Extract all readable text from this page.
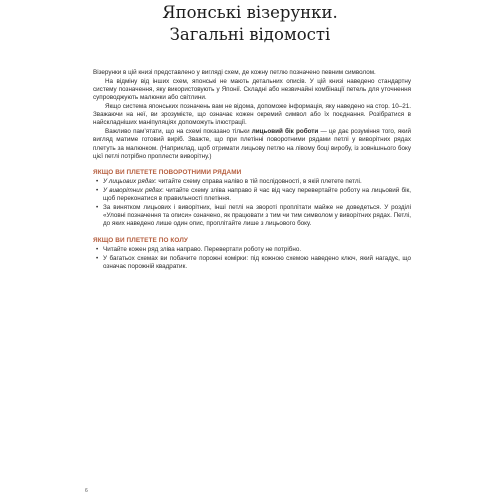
Японські візерунки.
Загальні відомості

Візерунки в цій книзі представлено у вигляді схем, де кожну петлю позначено певним символом.

На відміну від інших схем, японські не мають детальних описів. У цій книзі наведено стандартну систему позначення, яку використовують у Японії. Складні або незвичайні комбінації петель для уточнення супроводжують малюнки або світлини.

Якщо система японських позначень вам не відома, допоможе інформація, яку наведено на стор. 10–21. Зважаючи на неї, ви зрозумієте, що означає кожен окремий символ або їх поєднання. Розібратися в найскладніших маніпуляціях допоможуть ілюстрації.

Важливо пам’ятати, що на схемі показано тільки лицьовий бік роботи — це дає розуміння того, який вигляд матиме готовий виріб. Зважте, що при плетінні поворотними рядами петлі у виворітних рядах плетуть за малюнком. (Наприклад, щоб отримати лицьову петлю на лівому боці виробу, із зовнішнього боку цієї петлі потрібно проплести виворітну.)

ЯКЩО ВИ ПЛЕТЕТЕ ПОВОРОТНИМИ РЯДАМИ
• У лицьових рядах: читайте схему справа наліво в тій послідовності, в якій плетете петлі.
• У виворітних рядах: читайте схему зліва направо й час від часу перевертайте роботу на лицьовий бік, щоб переконатися в правильності плетіння.
• За винятком лицьових і виворітних, інші петлі на звороті проплітати майже не доведеться. У розділі «Уловні позначення та описи» означено, як працювати з тим чи тим символом у виворітних рядах. Петлі, до яких наведено лише один опис, проплітайте лише з лицьового боку.
ЯКЩО ВИ ПЛЕТЕТЕ ПО КОЛУ
• Читайте кожен ряд зліва направо. Перевертати роботу не потрібно.
• У багатьох схемах ви побачите порожні комірки: під кожною схемою наведено ключ, який нагадує, що означає порожній квадратик.
6
